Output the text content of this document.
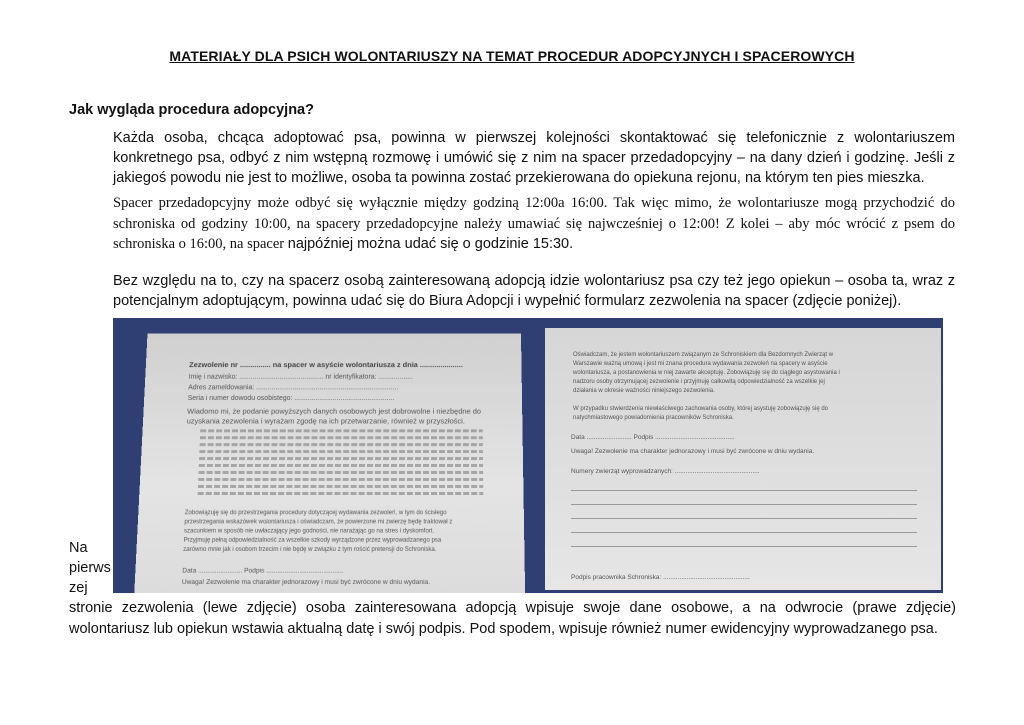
MATERIAŁY DLA PSICH WOLONTARIUSZY NA TEMAT PROCEDUR ADOPCYJNYCH I SPACEROWYCH
Jak wygląda procedura adopcyjna?
Każda osoba, chcąca adoptować psa, powinna w pierwszej kolejności skontaktować się telefonicznie z wolontariuszem konkretnego psa, odbyć z nim wstępną rozmowę i umówić się z nim na spacer przedadopcyjny – na dany dzień i godzinę. Jeśli z jakiegoś powodu nie jest to możliwe, osoba ta powinna zostać przekierowana do opiekuna rejonu, na którym ten pies mieszka.
Spacer przedadopcyjny może odbyć się wyłącznie między godziną 12:00a 16:00. Tak więc mimo, że wolontariusze mogą przychodzić do schroniska od godziny 10:00, na spacery przedadopcyjne należy umawiać się najwcześniej o 12:00! Z kolei – aby móc wrócić z psem do schroniska o 16:00, na spacer najpóźniej można udać się o godzinie 15:30.
Bez względu na to, czy na spacerz osobą zainteresowaną adopcją idzie wolontariusz psa czy też jego opiekun – osoba ta, wraz z potencjalnym adoptującym, powinna udać się do Biura Adopcji i wypełnić formularz zezwolenia na spacer (zdjęcie poniżej).
Zezwolenie nr ............... na spacer w asyście wolontariusza z dnia .....................
Imię i nazwisko: ............................................ nr identyfikatora: ..................
Adres zameldowania: ..........................................................................
Seria i numer dowodu osobistego: ....................................................
Wiadomo mi, że podanie powyższych danych osobowych jest dobrowolne i niezbędne do
uzyskania zezwolenia i wyrażam zgodę na ich przetwarzanie, również w przyszłości.
Zobowiązuję się do przestrzegania procedury dotyczącej wydawania zezwoleń, w tym do ścisłego
przestrzegania wskazówek wolontariusza i oświadczam, że powierzone mi zwierzę będę traktował z
szacunkiem w sposób nie uwłaczający jego godności, nie narażając go na stres i dyskomfort.
Przyjmuję pełną odpowiedzialność za wszelkie szkody wyrządzone przez wyprowadzanego psa
zarówno mnie jak i osobom trzecim i nie będę w związku z tym rościć pretensji do Schroniska.
Data ........................ Podpis ..........................................
Uwaga! Zezwolenie ma charakter jednorazowy i musi być zwrócone w dniu wydania.
Oświadczam, że jestem wolontariuszem związanym ze Schroniskiem dla Bezdomnych Zwierząt w
Warszawie ważną umową i jest mi znana procedura wydawania zezwoleń na spacery w asyście
wolontariusza, a postanowienia w niej zawarte akceptuję. Zobowiązuję się do ciągłego asystowania i
nadzoru osoby otrzymującej zezwolenie i przyjmuję całkowitą odpowiedzialność za wszelkie jej
działania w okresie ważności niniejszego zezwolenia.
W przypadku stwierdzenia niewłaściwego zachowania osoby, której asystuję zobowiązuję się do
natychmiastowego powiadomienia pracowników Schroniska.
Data ......................... Podpis ............................................
Uwaga! Zezwolenie ma charakter jednorazowy i musi być zwrócone w dniu wydania.
Numery zwierząt wyprowadzanych: ...............................................
Podpis pracownika Schroniska: ................................................
Na
pierws
zej
stronie zezwolenia (lewe zdjęcie) osoba zainteresowana adopcją wpisuje swoje dane osobowe, a na odwrocie (prawe zdjęcie) wolontariusz lub opiekun wstawia aktualną datę i swój podpis. Pod spodem, wpisuje również numer ewidencyjny wyprowadzanego psa.
